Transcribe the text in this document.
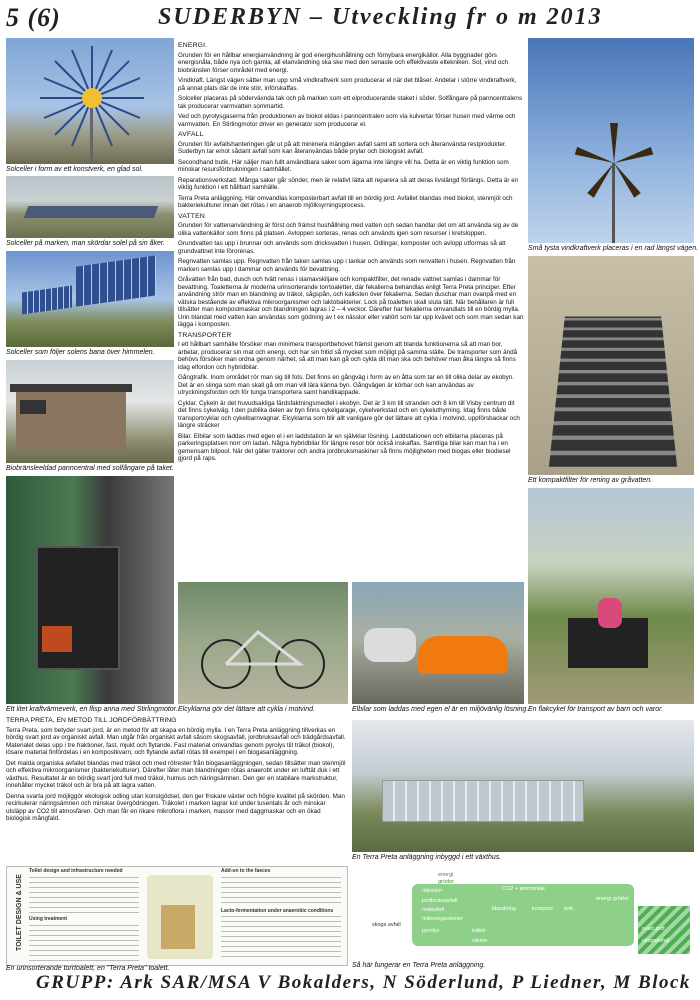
5 (6)	SUDERBYN – Utveckling fr o m 2013
Solceller i form av ett konstverk, en glad sol.
Solceller på marken, man skördar solel på sin åker.
Solceller som följer solens bana över himmelen.
Biobränsleeldad panncentral med solfångare på taket.
Ett litet kraftvärmeverk, en flisp anna med Stirlingmotor.
ENERGI.

Grunden för en hållbar energianvändning är god energihushållning och förnybara energikällor. Alla byggnader görs energisnåla, både nya och gamla, all elanvändning ska ske med den senaste och effektivaste eltekniken. Sol, vind och biobränslen förser området med energi.

Vindkraft. Längst vägen sätter man upp små vindkraftverk som producerar el när det blåser. Andelar i större vindkraftverk, på annat plats där de inte stör, införskaffas.

Solceller placeras på söderväxnda tak och på marken som ett elproducerande staket i söder. Solfångare på panncentralens tak producerar varmvatten sommartid.

Ved och pyrolysgaserna från produktionen av biokol eldas i panncentralen som via kulvertar förser husen med värme och varmvatten. En Stirlingmotor driver en generator som producerar el.

AVFALL

Grunden för avfallshanteringen går ut på att minimera mängden avfall samt att sortera och återanvända restprodukter. Suderbyn tar emot sådant avfall som kan återanvändas både prylar och biologiskt avfall.

Secondhand butik. Här säljer man fullt användbara saker som ägarna inte längre vill ha. Detta är en viktig funktion som minskar resursförbrukningen i samhället.

Reparationsverkstad. Många saker går sönder, men är relativt lätta att reparera så att deras livslängd förlängs. Detta är en viktig funktion i ett hållbart samhälle.

Terra Preta anläggning. Här omvandlas komposterbart avfall till en bördig jord. Avfallet blandas med biokol, stenmjöl och bakteriekulturer innan det rötas i en anaerob mjölksyrningsprocess.

VATTEN

Grunden för vattenanvändning är först och främst hushållning med vatten och sedan handlar det om att använda sig av de olika vattenkällor som finns på platsen. Avloppen sorteras, renas och används igen som resurser i kretsloppen.

Grundvatten tas upp i brunnar och används som dricksvatten i husen. Odlingar, komposter och avlopp utformas så att grundvattnet inte förorenas.

Regnvatten samlas upp. Regnvatten från taken samlas upp i tankar och används som renvatten i husen. Regnvatten från marken samlas upp i dammar och används för bevattning.

Gråvatten från bad, dusch och tvätt renas i slamavskiljare och kompaktfilter, det renade vattnet samlas i dammar för bevattning. Toaletterna är moderna urinsorterande torrtoaletter, där fekalierna behandlas enligt Terra Preta principer. Efter användning strör man en blandning av träkol, sågspån, och kalksten över fekalierna. Sedan duschar man ovanpå med en vätska bestående av effektiva mikroorganismer och laktobakterier. Lock på toaletten skall sluta tätt. När behållaren är full tillsätter man kompostmaskar och blandningen lagras i 2 – 4 veckor. Därefter har fekalierna omvandlats till en bördig mylla. Urin blandat med vatten kan användas som gödning av t ex nässlor eller vallört som tar upp kvävet och som man sedan kan lägga i komposten.

TRANSPORTER

I ett hållbart samhälle försöker man minimera transportbehovet främst genom att blanda funktionerna så att man bor, arbetar, producerar sin mat och energi, och har sin fritid så mycket som möjligt på samma ställe. De transporter som ändå behövs försöker man ordna genom närhet, så att man kan gå och cykla dit man ska och behöver man åka längre så finns idag elfordon och hybridbilar.

Gångtrafik. Inom området rör man sig till fots. Det finns en gångväg i form av en åtta som tar en till olika delar av ekobyn. Det är en slinga som man skall gå om man vill lära känna byn. Gångvägen är körbar och kan användas av utryckningsfordon och för tunga transportera samt handikappade.

Cyklar. Cykeln är det huvudsakliga färdsfaktningsmedlet i ekobyn. Det är 3 km till stranden och 8 km till Visby centrum dit det finns cykelväg. I den publika delen av byn finns cykelgarage, cykelverkstad och en cykeluthyrning. Idag finns både transportcyklar och cykelbarnvagnar. Elcyklarna som blir allt vanligare gör det lättare att cykla i motvind, uppförsbackar och längre sträcker

Bilar. Elbilar som laddas med egen el i en laddstation är en självklar lösning. Laddstationen och elbilarna placeras på parkeringsplatsen norr om ladan. Några hybridbilar för längre resor bör också inskaffas. Samtliga bilar kan man ha i en gemensam bilpool. När det gäller traktorer och andra jordbruksmaskiner så finns möjligheten med biogas eller biodiesel gjord på raps.

Små tysta vindkraftverk placeras i en rad längst vägen.
Ett kompaktfilter för rening av gråvatten.
En flakcykel för transport av barn och varor.
Elcyklarna gör det lättare att cykla i motvind.	Elbilar som laddas med egen el är en miljövänlig lösning.
TERRA PRETA, EN METOD TILL JORDFÖRBÄTTRING

Terra Preta, som betyder svart jord, är en metod för att skapa en bördig mylla. I en Terra Preta anläggning tillverkas en bördig svart jord av organiskt avfall. Man utgår från organiskt avfall såsom skogsavfall, jordbruksavfall och trädgårdsavfall. Materialet delas upp i tre fraktioner, fast, mjukt och flytande. Fast material omvandlas genom pyrolys till träkol (biokol), lösare material finfördelas i en kompostkvarn, och flytande avfall rötas till exempel i en biogasanläggning.

Det malda organiska avfallet blandas med träkol och med rötrester från biogasanläggningen, sedan tillsätter man stenmjöl och effektiva mikroorganismer (bakteriekulturer). Därefter låter man blandningen rötas anaerobt under en lufttät duk i ett växthus. Resultatet är en bördig svart jord full med träkol, humus och näringsämnen. Den ger en stabilare markstruktur, innehåller mycket träkol och är bra på att lagra vatten.

Denna svarta jord möjliggör ekologisk odling utan konstgödsel, den ger friskare växter och högre kvalitet på skörden. Man recirkulerar näringsämnen och minskar övergödningen. Träkolet i marken lagrar kol under tusentals år och minskar utsläpp av CO2 till atmosfären. Och man får en rikare mikroflora i marken, massor med daggmaskar och en ökad biologisk mångfald.

En Terra Preta anläggning inbyggd i ett växthus.
TOILET DESIGN & USE
Toilet design and infrastructure needed
Using treatment
Add-on to the faeces
Lacto-fermentation under anaerobic conditions
En urinsorterande torrtoalett, en "Terra Preta" toalett.
energi
grödor
rötrester
jordbruksavfall
matavfall
mikroorganismer
skogs avfall
pyrolys	träkol
värme
CO2 + ammoniak
blandning	kompost tork
energi grödor
svart jord
skogsavfall
Så här fungerar en Terra Preta anläggning.
GRUPP: Ark SAR/MSA V Bokalders, N Söderlund, P Liedner, M Block
